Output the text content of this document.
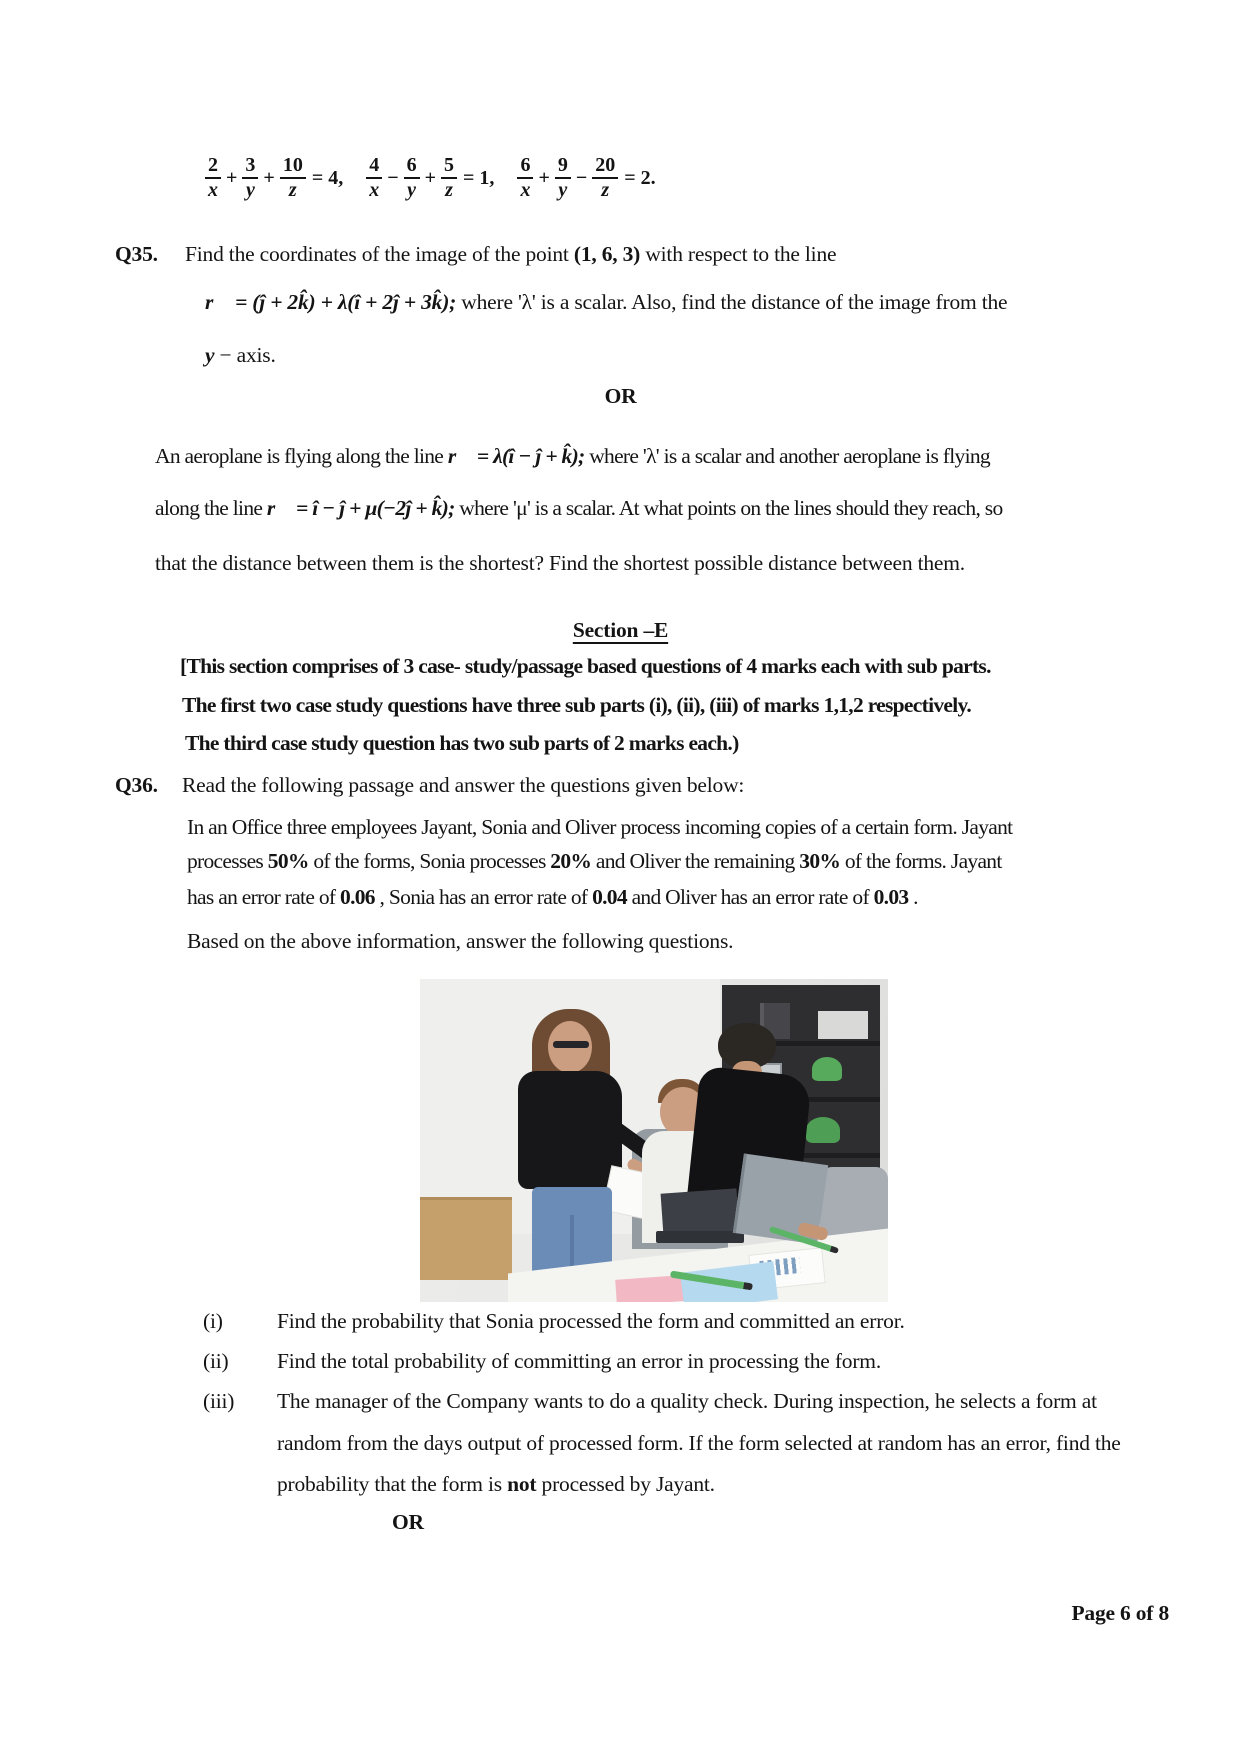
$\frac{2}{x} + \frac{3}{y} + \frac{10}{z} = 4$, $\frac{4}{x} - \frac{6}{y} + \frac{5}{z} = 1$, $\frac{6}{x} + \frac{9}{y} - \frac{20}{z} = 2$.
Q35. Find the coordinates of the image of the point (1, 6, 3) with respect to the line
r⃗ = (ĵ + 2k̂) + λ(î + 2ĵ + 3k̂); where 'λ' is a scalar. Also, find the distance of the image from the
y − axis.
OR
An aeroplane is flying along the line r⃗ = λ(î − ĵ + k̂); where 'λ' is a scalar and another aeroplane is flying
along the line r⃗ = î − ĵ + μ(−2ĵ + k̂); where 'μ' is a scalar. At what points on the lines should they reach, so
that the distance between them is the shortest? Find the shortest possible distance between them.
Section –E
[This section comprises of 3 case- study/passage based questions of 4 marks each with sub parts.
The first two case study questions have three sub parts (i), (ii), (iii) of marks 1,1,2 respectively.
The third case study question has two sub parts of 2 marks each.)
Q36. Read the following passage and answer the questions given below:
In an Office three employees Jayant, Sonia and Oliver process incoming copies of a certain form. Jayant
processes 50% of the forms, Sonia processes 20% and Oliver the remaining 30% of the forms. Jayant
has an error rate of 0.06 , Sonia has an error rate of 0.04 and Oliver has an error rate of 0.03 .
Based on the above information, answer the following questions.
(i)	Find the probability that Sonia processed the form and committed an error.
(ii) Find the total probability of committing an error in processing the form.
(iii) The manager of the Company wants to do a quality check. During inspection, he selects a form at
random from the days output of processed form. If the form selected at random has an error, find the
probability that the form is not processed by Jayant.
OR
Page 6 of 8
